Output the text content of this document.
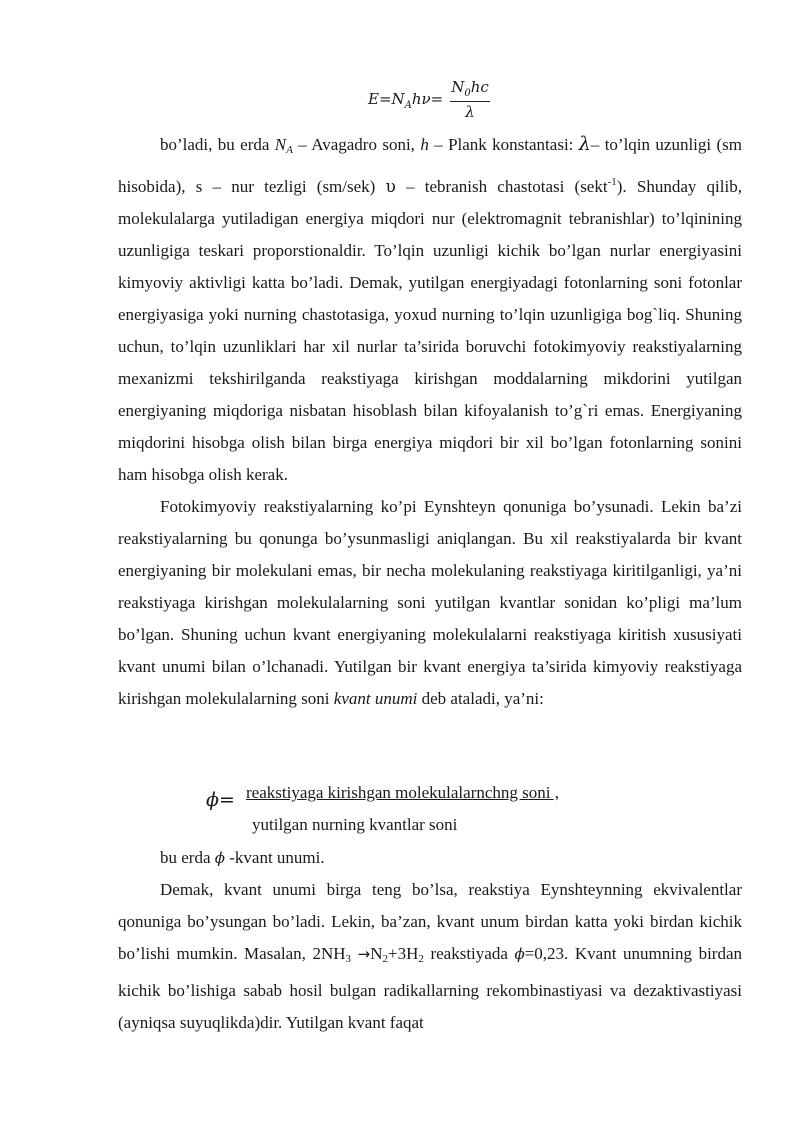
$E=N_Ah\nu= \frac{N_0hc}{\lambda}$

bo’ladi, bu erda $N_A$ – Avagadro soni, h – Plank konstantasi: λ– to’lqin uzunligi (sm hisobida), s – nur tezligi (sm/sek) υ – tebranish chastotasi (sekt$^{-1}$). Shunday qilib, molekulalarga yutiladigan energiya miqdori nur (elektromagnit tebranishlar) to’lqinining uzunligiga teskari proporstionaldir. To’lqin uzunligi kichik bo’lgan nurlar energiyasini kimyoviy aktivligi katta bo’ladi. Demak, yutilgan energiyadagi fotonlarning soni fotonlar energiyasiga yoki nurning chastotasiga, yoxud nurning to’lqin uzunligiga bog`liq. Shuning uchun, to’lqin uzunliklari har xil nurlar ta’sirida boruvchi fotokimyoviy reakstiyalarning mexanizmi tekshirilganda reakstiyaga kirishgan moddalarning mikdorini yutilgan energiyaning miqdoriga nisbatan hisoblash bilan kifoyalanish to’g`ri emas. Energiyaning miqdorini hisobga olish bilan birga energiya miqdori bir xil bo’lgan fotonlarning sonini ham hisobga olish kerak.

Fotokimyoviy reakstiyalarning ko’pi Eynshteyn qonuniga bo’ysunadi. Lekin ba’zi reakstiyalarning bu qonunga bo’ysunmasligi aniqlangan. Bu xil reakstiyalarda bir kvant energiyaning bir molekulani emas, bir necha molekulaning reakstiyaga kiritilganligi, ya’ni reakstiyaga kirishgan molekulalarning soni yutilgan kvantlar sonidan ko’pligi ma’lum bo’lgan. Shuning uchun kvant energiyaning molekulalarni reakstiyaga kiritish xususiyati kvant unumi bilan o’lchanadi. Yutilgan bir kvant energiya ta’sirida kimyoviy reakstiyaga kirishgan molekulalarning soni kvant unumi deb ataladi, ya’ni:

ϕ= reakstiyaga kirishgan molekulalarnchng soni ,
yutilgan nurning kvantlar soni

bu erda ϕ -kvant unumi.

Demak, kvant unumi birga teng bo’lsa, reakstiya Eynshteynning ekvivalentlar qonuniga bo’ysungan bo’ladi. Lekin, ba’zan, kvant unum birdan katta yoki birdan kichik bo’lishi mumkin. Masalan, $2NH_3 \to N_2+3H_2$ reakstiyada ϕ=0,23. Kvant unumning birdan kichik bo’lishiga sabab hosil bulgan radikallarning rekombinastiyasi va dezaktivastiyasi (ayniqsa suyuqlikda)dir. Yutilgan kvant faqat
